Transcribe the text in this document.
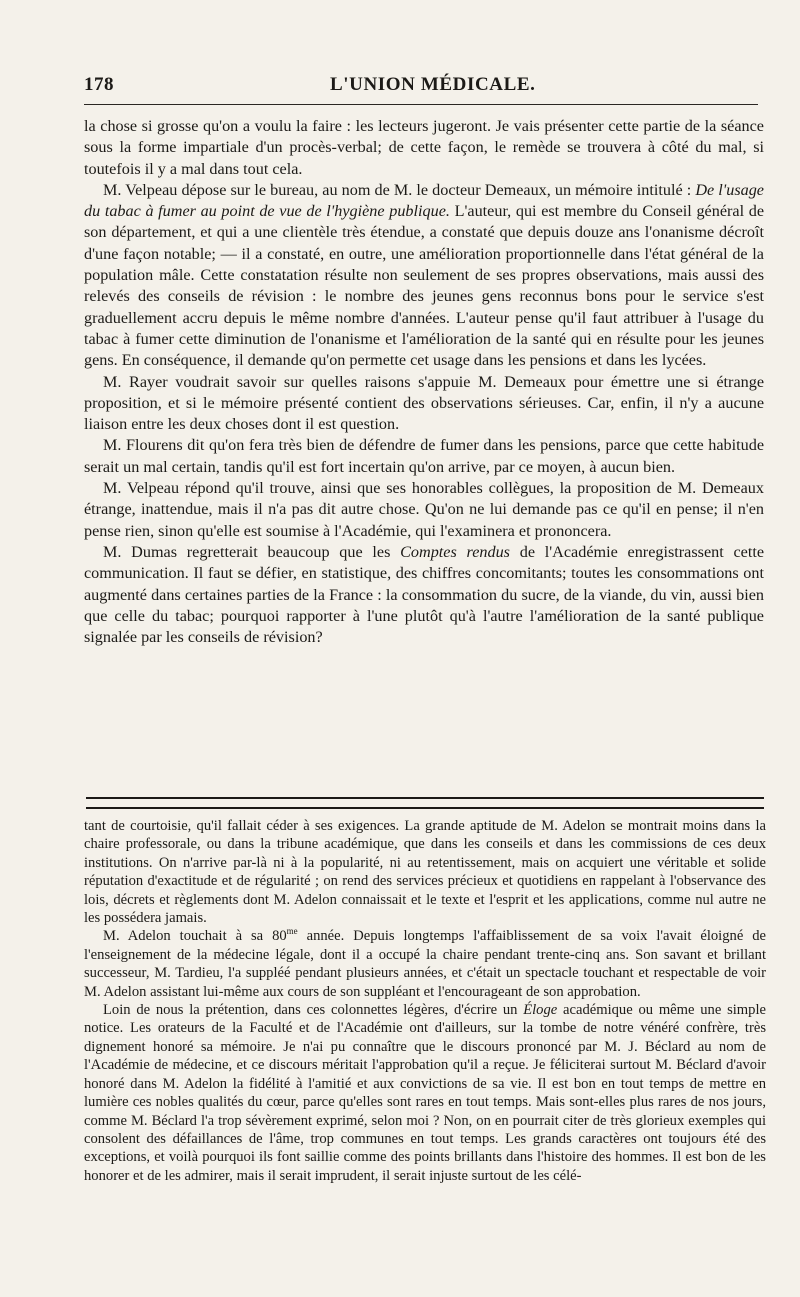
178	L'UNION MÉDICALE.

la chose si grosse qu'on a voulu la faire : les lecteurs jugeront. Je vais présenter cette partie de la séance sous la forme impartiale d'un procès-verbal; de cette façon, le remède se trouvera à côté du mal, si toutefois il y a mal dans tout cela.

M. Velpeau dépose sur le bureau, au nom de M. le docteur Demeaux, un mémoire intitulé : De l'usage du tabac à fumer au point de vue de l'hygiène publique. L'auteur, qui est membre du Conseil général de son département, et qui a une clientèle très étendue, a constaté que depuis douze ans l'onanisme décroît d'une façon notable; — il a constaté, en outre, une amélioration proportionnelle dans l'état général de la population mâle. Cette constatation résulte non seulement de ses propres observations, mais aussi des relevés des conseils de révision : le nombre des jeunes gens reconnus bons pour le service s'est graduellement accru depuis le même nombre d'années. L'auteur pense qu'il faut attribuer à l'usage du tabac à fumer cette diminution de l'onanisme et l'amélioration de la santé qui en résulte pour les jeunes gens. En conséquence, il demande qu'on permette cet usage dans les pensions et dans les lycées.

M. Rayer voudrait savoir sur quelles raisons s'appuie M. Demeaux pour émettre une si étrange proposition, et si le mémoire présenté contient des observations sérieuses. Car, enfin, il n'y a aucune liaison entre les deux choses dont il est question.

M. Flourens dit qu'on fera très bien de défendre de fumer dans les pensions, parce que cette habitude serait un mal certain, tandis qu'il est fort incertain qu'on arrive, par ce moyen, à aucun bien.

M. Velpeau répond qu'il trouve, ainsi que ses honorables collègues, la proposition de M. Demeaux étrange, inattendue, mais il n'a pas dit autre chose. Qu'on ne lui demande pas ce qu'il en pense; il n'en pense rien, sinon qu'elle est soumise à l'Académie, qui l'examinera et prononcera.

M. Dumas regretterait beaucoup que les Comptes rendus de l'Académie enregistrassent cette communication. Il faut se défier, en statistique, des chiffres concomitants; toutes les consommations ont augmenté dans certaines parties de la France : la consommation du sucre, de la viande, du vin, aussi bien que celle du tabac; pourquoi rapporter à l'une plutôt qu'à l'autre l'amélioration de la santé publique signalée par les conseils de révision?

tant de courtoisie, qu'il fallait céder à ses exigences. La grande aptitude de M. Adelon se montrait moins dans la chaire professorale, ou dans la tribune académique, que dans les conseils et dans les commissions de ces deux institutions. On n'arrive par-là ni à la popularité, ni au retentissement, mais on acquiert une véritable et solide réputation d'exactitude et de régularité ; on rend des services précieux et quotidiens en rappelant à l'observance des lois, décrets et règlements dont M. Adelon connaissait et le texte et l'esprit et les applications, comme nul autre ne les possédera jamais.

M. Adelon touchait à sa $80^{me}$ année. Depuis longtemps l'affaiblissement de sa voix l'avait éloigné de l'enseignement de la médecine légale, dont il a occupé la chaire pendant trente-cinq ans. Son savant et brillant successeur, M. Tardieu, l'a suppléé pendant plusieurs années, et c'était un spectacle touchant et respectable de voir M. Adelon assistant lui-même aux cours de son suppléant et l'encourageant de son approbation.

Loin de nous la prétention, dans ces colonnettes légères, d'écrire un Éloge académique ou même une simple notice. Les orateurs de la Faculté et de l'Académie ont d'ailleurs, sur la tombe de notre vénéré confrère, très dignement honoré sa mémoire. Je n'ai pu connaître que le discours prononcé par M. J. Béclard au nom de l'Académie de médecine, et ce discours méritait l'approbation qu'il a reçue. Je féliciterai surtout M. Béclard d'avoir honoré dans M. Adelon la fidélité à l'amitié et aux convictions de sa vie. Il est bon en tout temps de mettre en lumière ces nobles qualités du cœur, parce qu'elles sont rares en tout temps. Mais sont-elles plus rares de nos jours, comme M. Béclard l'a trop sévèrement exprimé, selon moi ? Non, on en pourrait citer de très glorieux exemples qui consolent des défaillances de l'âme, trop communes en tout temps. Les grands caractères ont toujours été des exceptions, et voilà pourquoi ils font saillie comme des points brillants dans l'histoire des hommes. Il est bon de les honorer et de les admirer, mais il serait imprudent, il serait injuste surtout de les célé-
